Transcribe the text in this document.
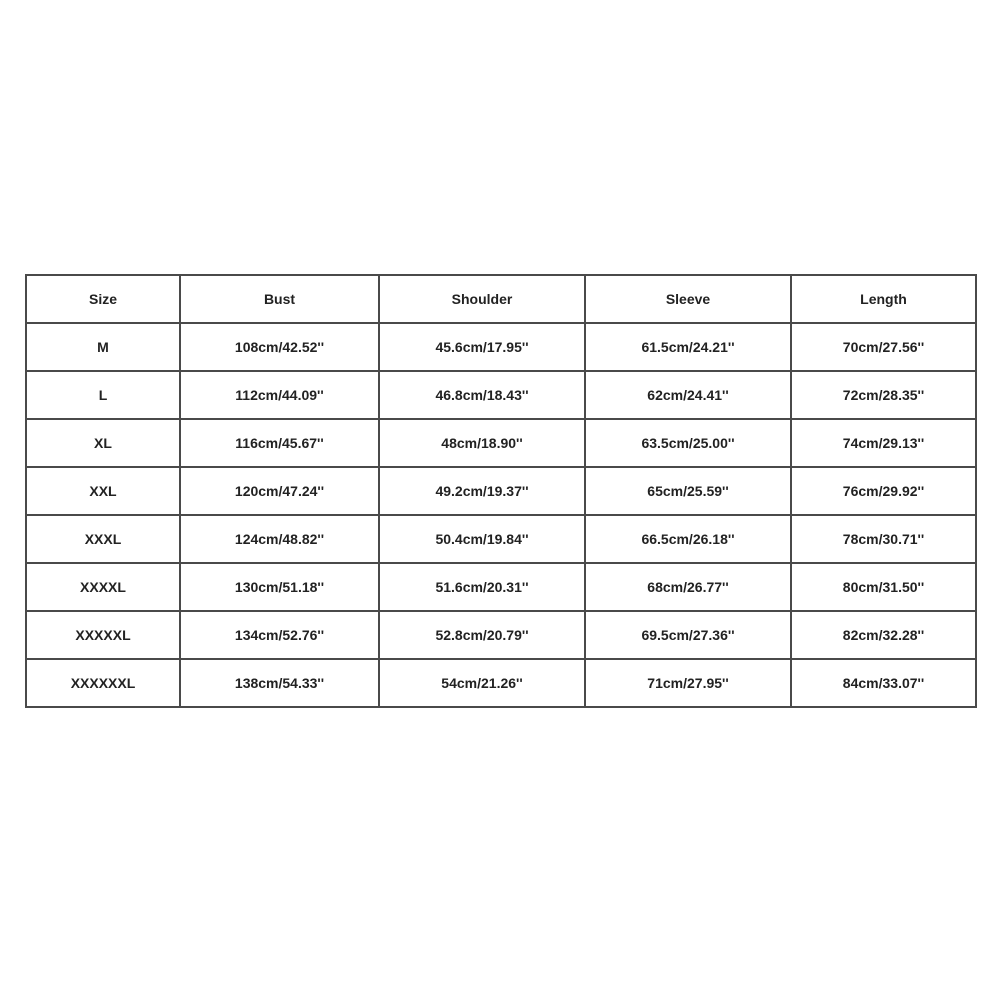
Size	Bust	Shoulder	Sleeve	Length
M	108cm/42.52''	45.6cm/17.95''	61.5cm/24.21''	70cm/27.56''
L	112cm/44.09''	46.8cm/18.43''	62cm/24.41''	72cm/28.35''
XL	116cm/45.67''	48cm/18.90''	63.5cm/25.00''	74cm/29.13''
XXL	120cm/47.24''	49.2cm/19.37''	65cm/25.59''	76cm/29.92''
XXXL	124cm/48.82''	50.4cm/19.84''	66.5cm/26.18''	78cm/30.71''
XXXXL	130cm/51.18''	51.6cm/20.31''	68cm/26.77''	80cm/31.50''
XXXXXL	134cm/52.76''	52.8cm/20.79''	69.5cm/27.36''	82cm/32.28''
XXXXXXL	138cm/54.33''	54cm/21.26''	71cm/27.95''	84cm/33.07''
